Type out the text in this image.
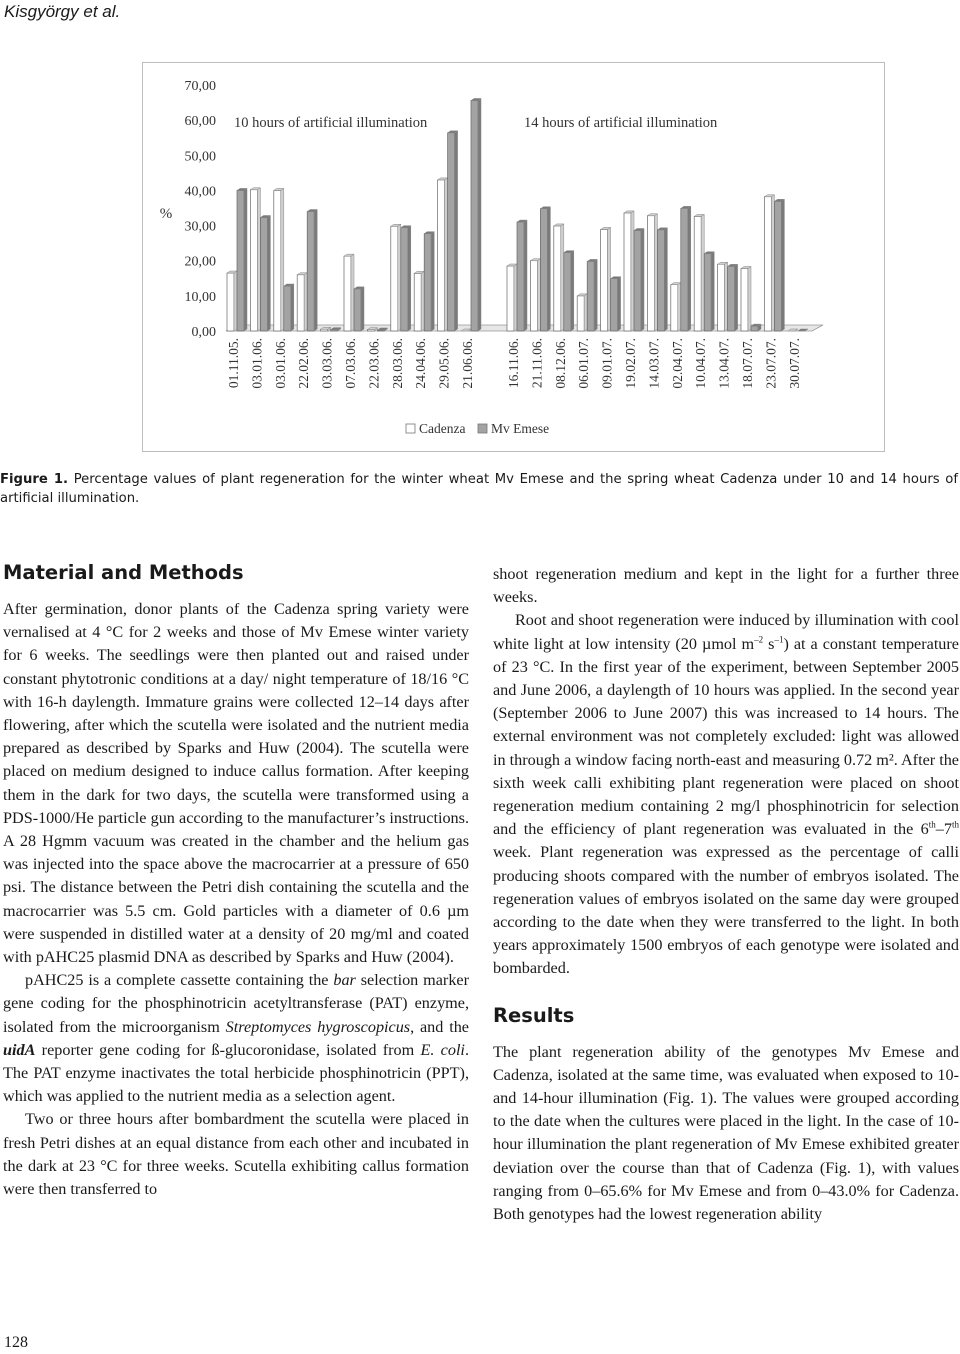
Kisgyörgy et al.
0,00
10,00
20,00
30,00
40,00
50,00
60,00
70,00
%
10 hours of artificial illumination	14 hours of artificial illumination
01.11.05. 03.01.06. 03.01.06. 22.02.06. 03.03.06. 07.03.06. 22.03.06. 28.03.06. 24.04.06. 29.05.06. 21.06.06. 16.11.06. 21.11.06. 08.12.06. 06.01.07. 09.01.07. 19.02.07. 14.03.07. 02.04.07. 10.04.07. 13.04.07. 18.07.07. 23.07.07. 30.07.07.
Cadenza Mv Emese

Figure 1. Percentage values of plant regeneration for the winter wheat Mv Emese and the spring wheat Cadenza under 10 and 14 hours of artificial illumination.

Material and Methods

After germination, donor plants of the Cadenza spring variety were vernalised at 4 °C for 2 weeks and those of Mv Emese winter variety for 6 weeks. The seedlings were then planted out and raised under constant phytotronic conditions at a day/ night temperature of 18/16 °C with 16-h daylength. Immature grains were collected 12–14 days after flowering, after which the scutella were isolated and the nutrient media prepared as described by Sparks and Huw (2004). The scutella were placed on medium designed to induce callus formation. After keeping them in the dark for two days, the scutella were transformed using a PDS-1000/He particle gun according to the manufacturer’s instructions. A 28 Hgmm vacuum was created in the chamber and the helium gas was injected into the space above the macrocarrier at a pressure of 650 psi. The distance between the Petri dish containing the scutella and the macrocarrier was 5.5 cm. Gold particles with a diameter of 0.6 µm were suspended in distilled water at a density of 20 mg/ml and coated with pAHC25 plasmid DNA as described by Sparks and Huw (2004).

pAHC25 is a complete cassette containing the bar selection marker gene coding for the phosphinotricin acetyltransferase (PAT) enzyme, isolated from the microorganism Streptomyces hygroscopicus, and the uidA reporter gene coding for ß-glucoronidase, isolated from E. coli. The PAT enzyme inactivates the total herbicide phosphinotricin (PPT), which was applied to the nutrient media as a selection agent.

Two or three hours after bombardment the scutella were placed in fresh Petri dishes at an equal distance from each other and incubated in the dark at 23 °C for three weeks. Scutella exhibiting callus formation were then transferred to

shoot regeneration medium and kept in the light for a further three weeks.

Root and shoot regeneration were induced by illumination with cool white light at low intensity (20 µmol $m^{-2}$ $s^{-1}$) at a constant temperature of 23 °C. In the first year of the experiment, between September 2005 and June 2006, a daylength of 10 hours was applied. In the second year (September 2006 to June 2007) this was increased to 14 hours. The external environment was not completely excluded: light was allowed in through a window facing north-east and measuring 0.72 m². After the sixth week calli exhibiting plant regeneration were placed on shoot regeneration medium containing 2 mg/l phosphinotricin for selection and the efficiency of plant regeneration was evaluated in the 6th–7th week. Plant regeneration was expressed as the percentage of calli producing shoots compared with the number of embryos isolated. The regeneration values of embryos isolated on the same day were grouped according to the date when they were transferred to the light. In both years approximately 1500 embryos of each genotype were isolated and bombarded.

Results

The plant regeneration ability of the genotypes Mv Emese and Cadenza, isolated at the same time, was evaluated when exposed to 10- and 14-hour illumination (Fig. 1). The values were grouped according to the date when the cultures were placed in the light. In the case of 10-hour illumination the plant regeneration of Mv Emese exhibited greater deviation over the course than that of Cadenza (Fig. 1), with values ranging from 0–65.6% for Mv Emese and from 0–43.0% for Cadenza. Both genotypes had the lowest regeneration ability

128
